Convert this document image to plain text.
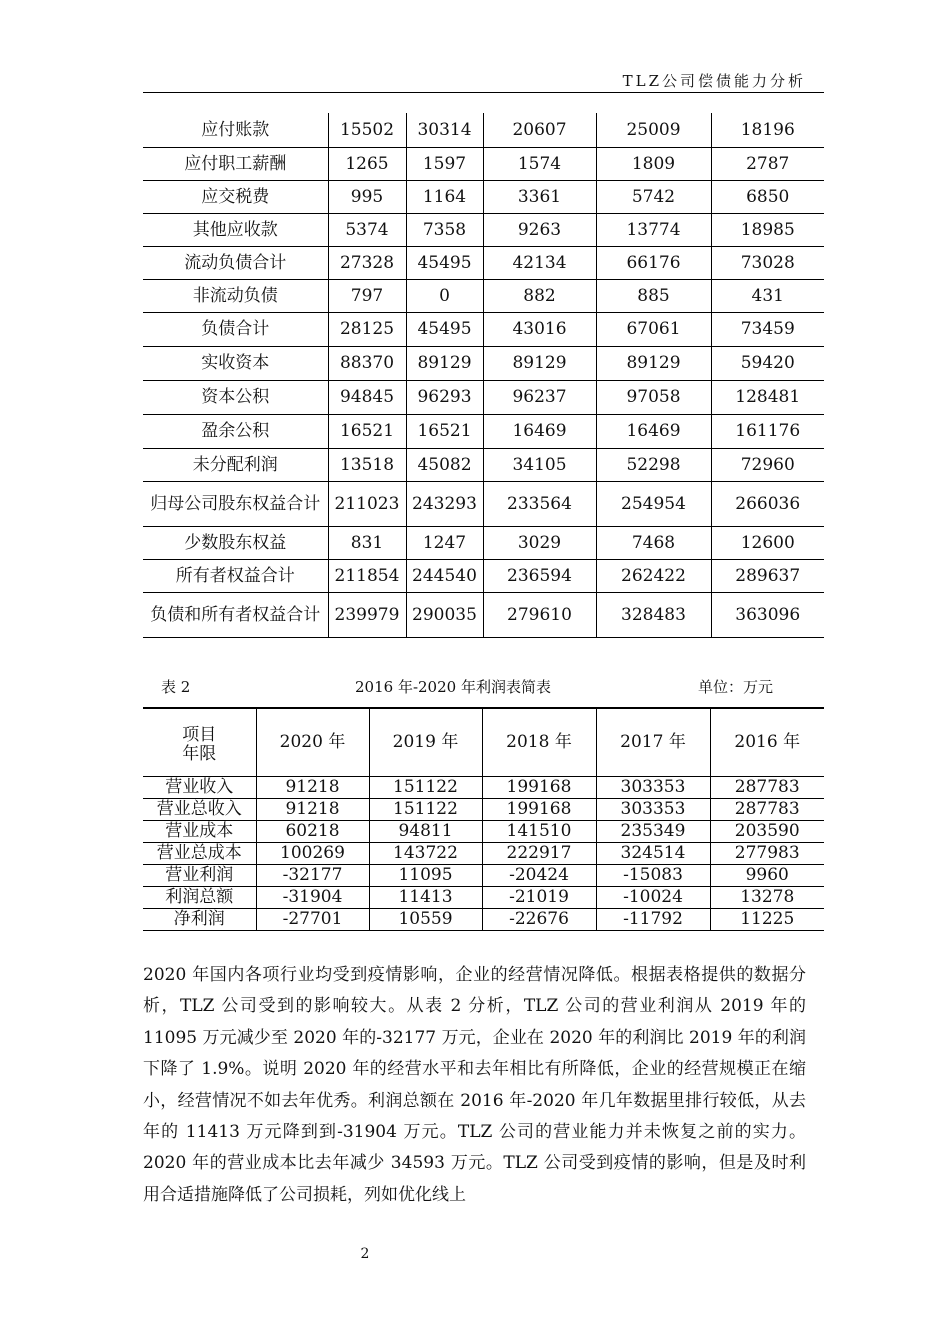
TLZ公司偿债能力分析
应付账款	15502	30314	20607	25009	18196
应付职工薪酬	1265	1597	1574	1809	2787
应交税费	995	1164	3361	5742	6850
其他应收款	5374	7358	9263	13774	18985
流动负债合计	27328	45495	42134	66176	73028
非流动负债	797	0	882	885	431
负债合计	28125	45495	43016	67061	73459
实收资本	88370	89129	89129	89129	59420
资本公积	94845	96293	96237	97058	128481
盈余公积	16521	16521	16469	16469	161176
未分配利润	13518	45082	34105	52298	72960
归母公司股东权益合计	211023	243293	233564	254954	266036
少数股东权益	831	1247	3029	7468	12600
所有者权益合计	211854	244540	236594	262422	289637
负债和所有者权益合计	239979	290035	279610	328483	363096
表 2	2016 年-2020 年利润表简表	单位：万元
项目
年限	2020 年	2019 年	2018 年	2017 年	2016 年
营业收入	91218	151122	199168	303353	287783
营业总收入	91218	151122	199168	303353	287783
营业成本	60218	94811	141510	235349	203590
营业总成本	100269	143722	222917	324514	277983
营业利润	-32177	11095	-20424	-15083	9960
利润总额	-31904	11413	-21019	-10024	13278
净利润	-27701	10559	-22676	-11792	11225
2020 年国内各项行业均受到疫情影响，企业的经营情况降低。根据表格提供的数据分析，TLZ 公司受到的影响较大。从表 2 分析，TLZ 公司的营业利润从 2019 年的 11095 万元减少至 2020 年的-32177 万元，企业在 2020 年的利润比 2019 年的利润下降了 1.9%。说明 2020 年的经营水平和去年相比有所降低，企业的经营规模正在缩小，经营情况不如去年优秀。利润总额在 2016 年-2020 年几年数据里排行较低，从去年的 11413 万元降到到-31904 万元。TLZ 公司的营业能力并未恢复之前的实力。2020 年的营业成本比去年减少 34593 万元。TLZ 公司受到疫情的影响，但是及时利用合适措施降低了公司损耗，列如优化线上
2
